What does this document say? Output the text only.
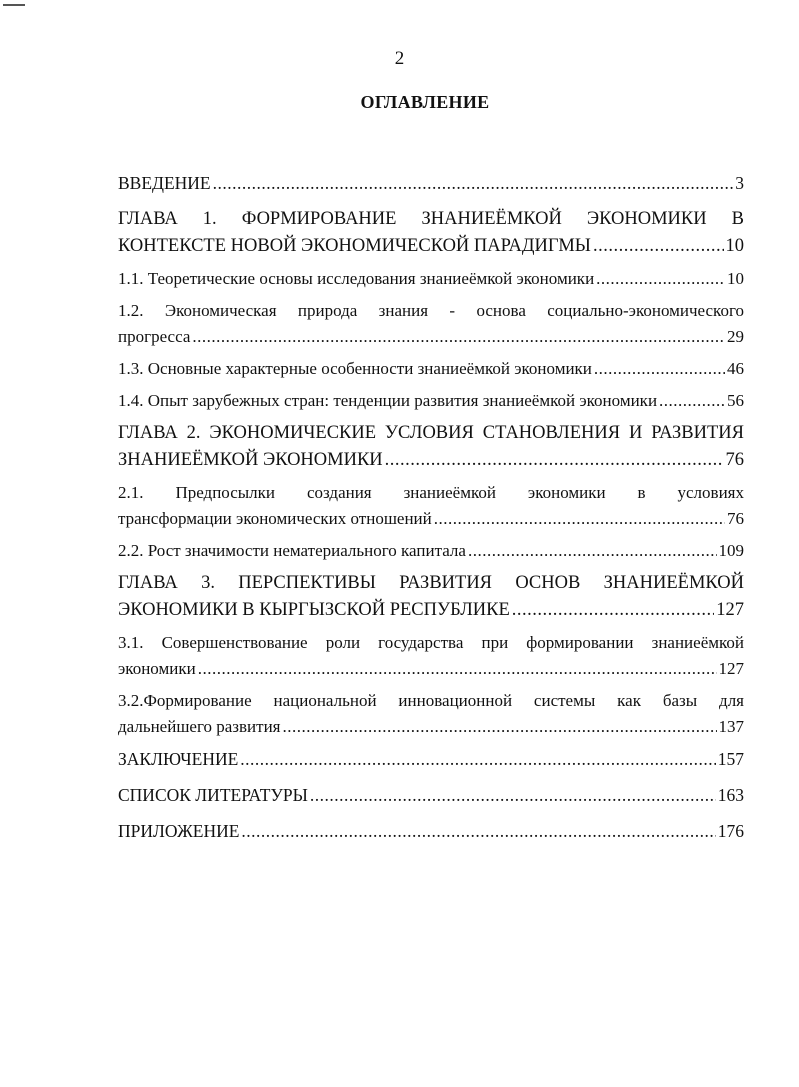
2
ОГЛАВЛЕНИЕ
ВВЕДЕНИЕ .....	3
ГЛАВА 1. ФОРМИРОВАНИЕ ЗНАНИЕЁМКОЙ ЭКОНОМИКИ В
КОНТЕКСТЕ НОВОЙ ЭКОНОМИЧЕСКОЙ ПАРАДИГМЫ .....	10
1.1. Теоретические основы исследования знаниеёмкой экономики .....	10
1.2. Экономическая природа знания - основа социально-экономического
прогресса .....	29
1.3. Основные характерные особенности знаниеёмкой экономики .....	46
1.4. Опыт зарубежных стран: тенденции развития знаниеёмкой экономики .....	56
ГЛАВА 2. ЭКОНОМИЧЕСКИЕ УСЛОВИЯ СТАНОВЛЕНИЯ И РАЗВИТИЯ
ЗНАНИЕЁМКОЙ ЭКОНОМИКИ .....	76
2.1. Предпосылки создания знаниеёмкой экономики в условиях
трансформации экономических отношений .....	76
2.2. Рост значимости нематериального капитала .....	109
ГЛАВА 3. ПЕРСПЕКТИВЫ РАЗВИТИЯ ОСНОВ ЗНАНИЕЁМКОЙ
ЭКОНОМИКИ В КЫРГЫЗСКОЙ РЕСПУБЛИКЕ .....	127
3.1. Совершенствование роли государства при формировании знаниеёмкой
экономики .....	127
3.2.Формирование национальной инновационной системы как базы для
дальнейшего развития .....	137
ЗАКЛЮЧЕНИЕ .....	157
СПИСОК ЛИТЕРАТУРЫ .....	163
ПРИЛОЖЕНИЕ .....	176
